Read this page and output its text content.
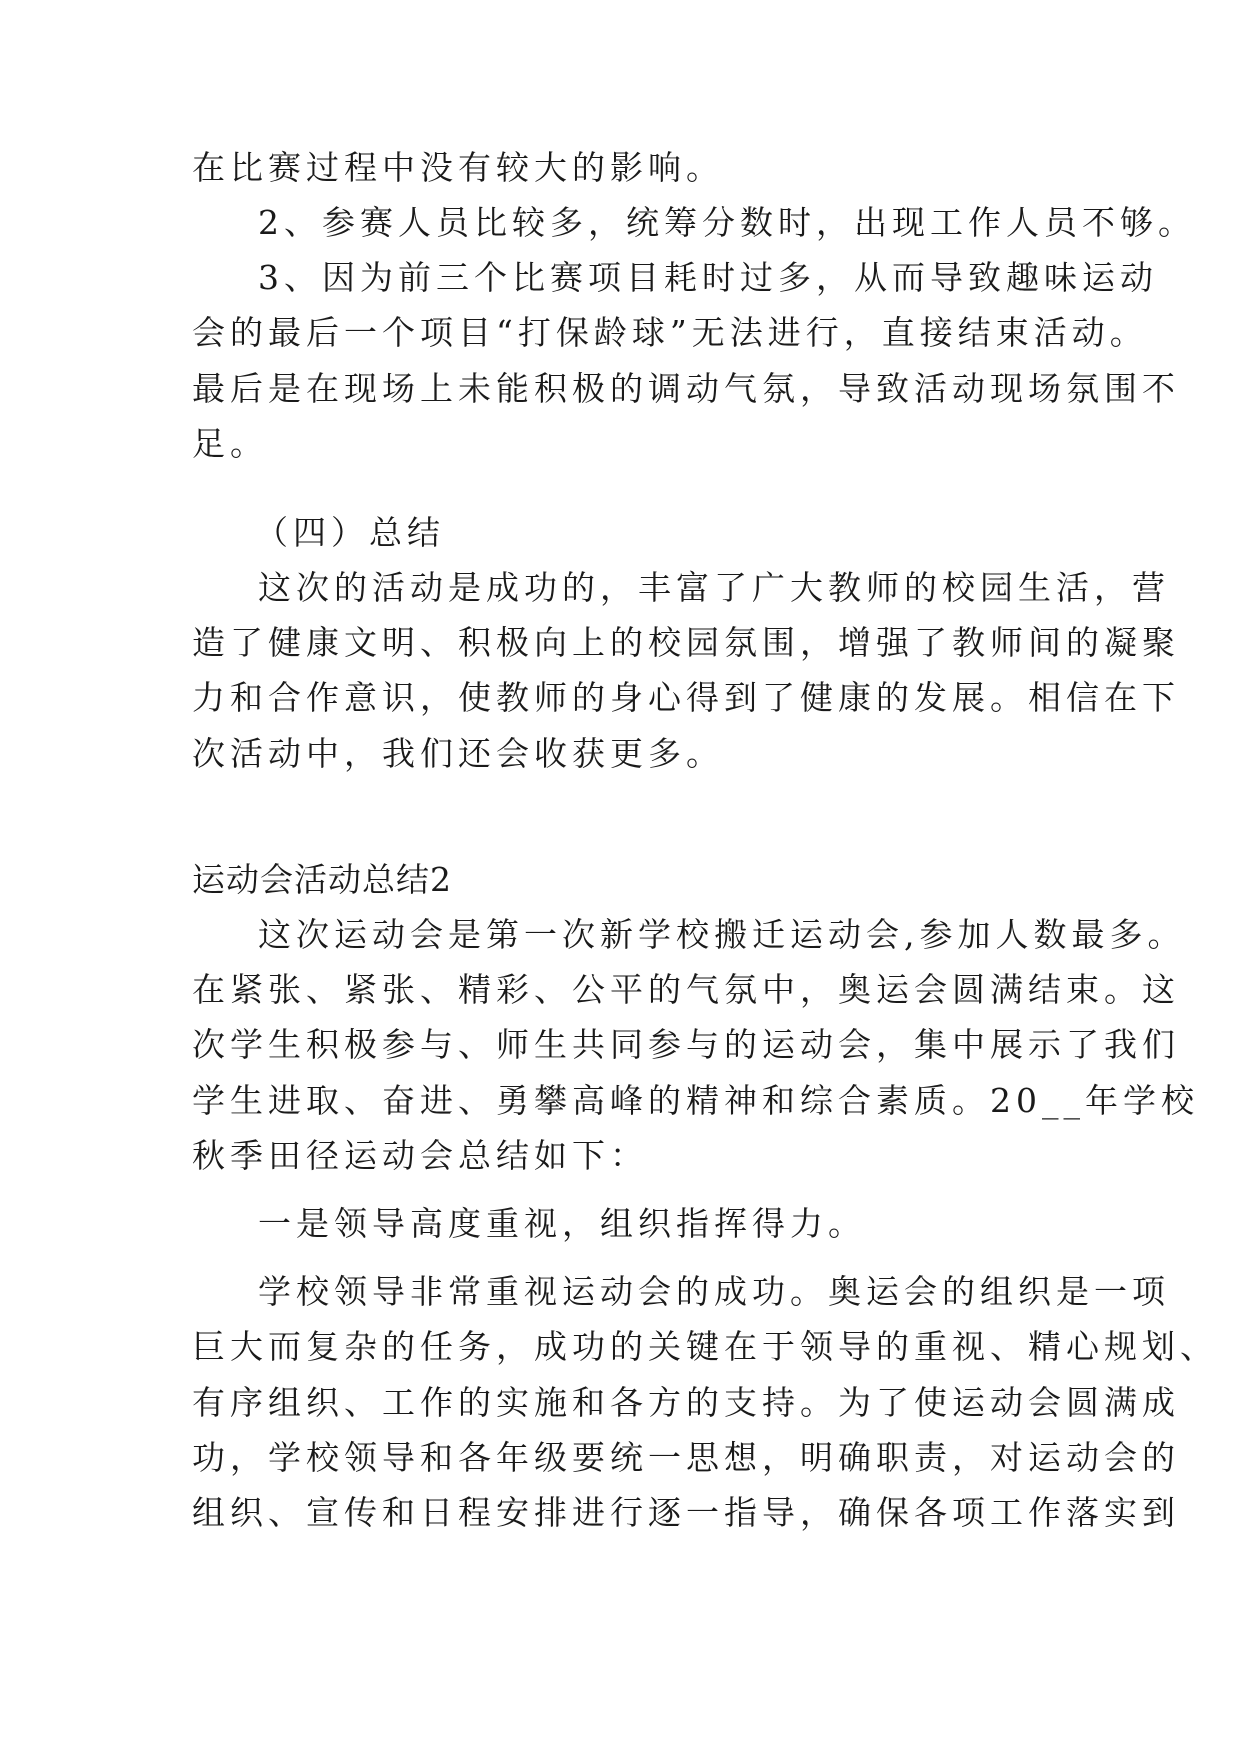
在比赛过程中没有较大的影响。
2、参赛人员比较多，统筹分数时，出现工作人员不够。
3、因为前三个比赛项目耗时过多，从而导致趣味运动
会的最后一个项目“打保龄球”无法进行，直接结束活动。
最后是在现场上未能积极的调动气氛，导致活动现场氛围不
足。
（四）总结
这次的活动是成功的，丰富了广大教师的校园生活，营
造了健康文明、积极向上的校园氛围，增强了教师间的凝聚
力和合作意识，使教师的身心得到了健康的发展。相信在下
次活动中，我们还会收获更多。
运动会活动总结2
这次运动会是第一次新学校搬迁运动会,参加人数最多。
在紧张、紧张、精彩、公平的气氛中，奥运会圆满结束。这
次学生积极参与、师生共同参与的运动会，集中展示了我们
学生进取、奋进、勇攀高峰的精神和综合素质。20__年学校
秋季田径运动会总结如下：
一是领导高度重视，组织指挥得力。
学校领导非常重视运动会的成功。奥运会的组织是一项
巨大而复杂的任务，成功的关键在于领导的重视、精心规划、
有序组织、工作的实施和各方的支持。为了使运动会圆满成
功，学校领导和各年级要统一思想，明确职责，对运动会的
组织、宣传和日程安排进行逐一指导，确保各项工作落实到
